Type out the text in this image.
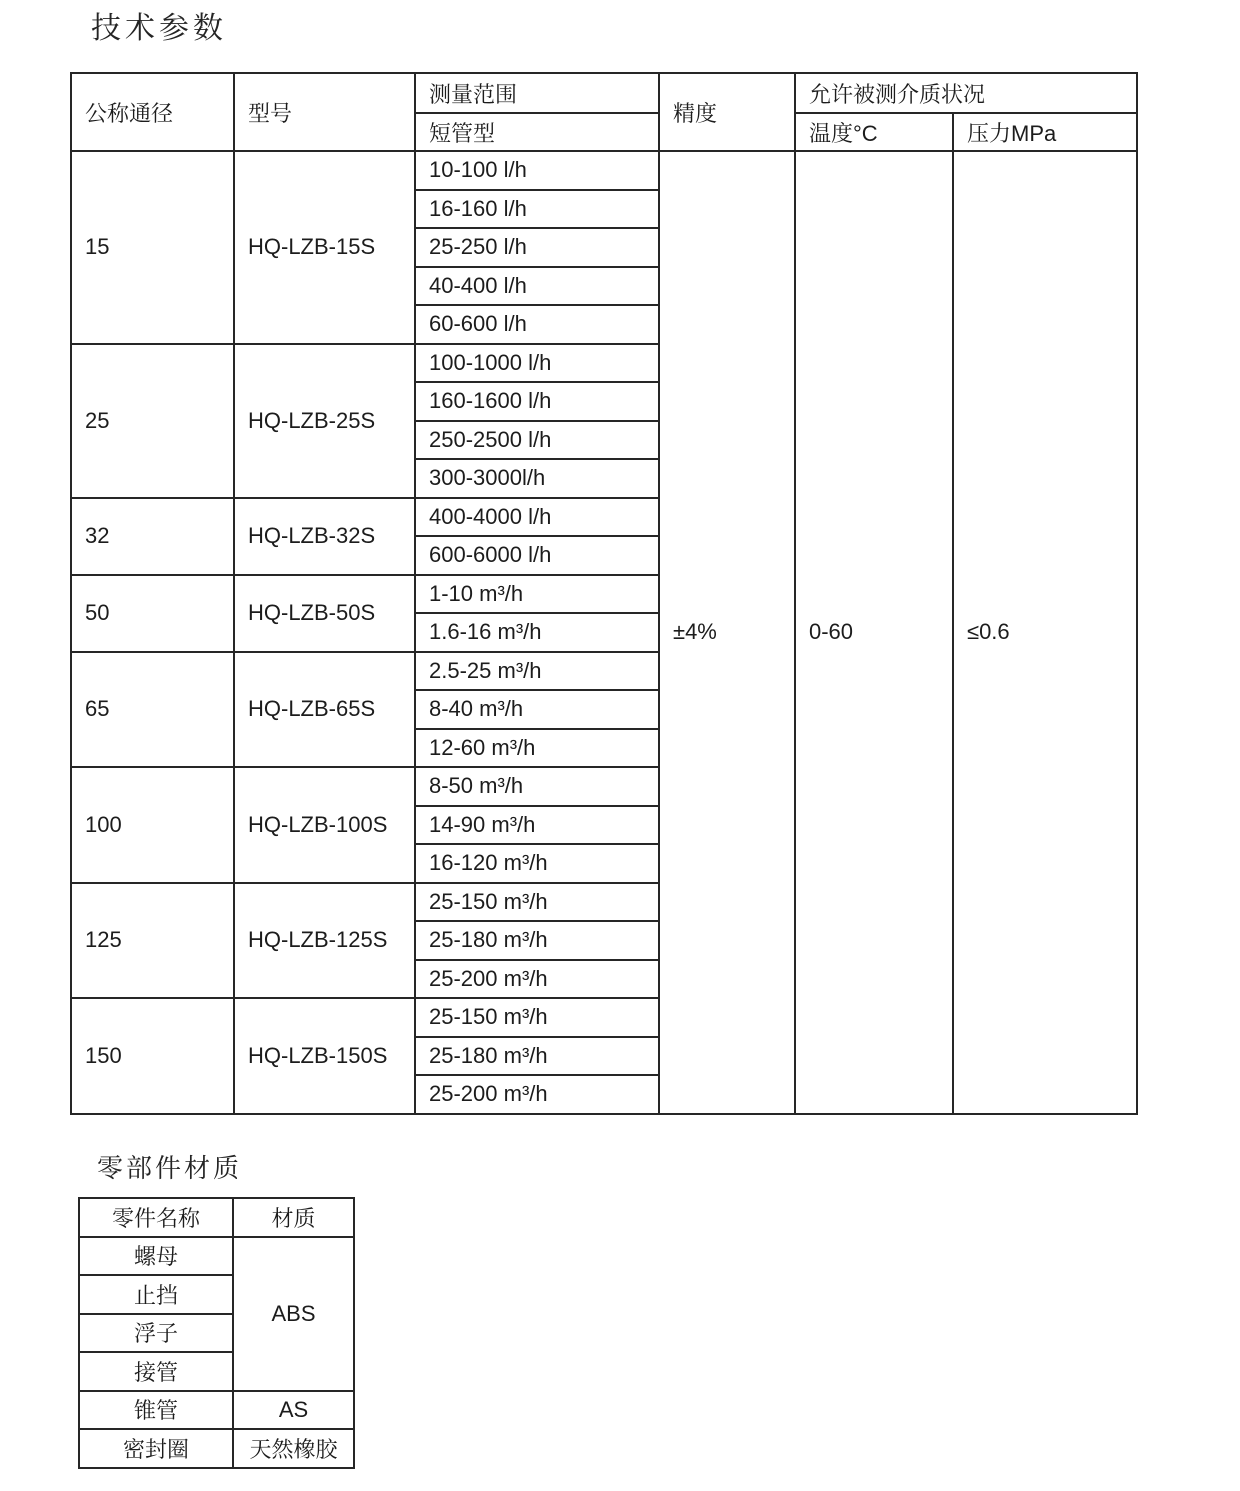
技术参数
公称通径	型号	测量范围	精度	允许被测介质状况	
		短管型		温度°C	压力MPa
15	HQ-LZB-15S	10-100 l/h	±4%	0-60	≤0.6
		16-160 l/h			
		25-250 l/h			
		40-400 l/h			
		60-600 l/h			
25	HQ-LZB-25S	100-1000 l/h			
		160-1600 l/h			
		250-2500 l/h			
		300-3000l/h			
32	HQ-LZB-32S	400-4000 l/h			
		600-6000 l/h			
50	HQ-LZB-50S	1-10 m³/h			
		1.6-16 m³/h			
65	HQ-LZB-65S	2.5-25 m³/h			
		8-40 m³/h			
		12-60 m³/h			
100	HQ-LZB-100S	8-50 m³/h			
		14-90 m³/h			
		16-120 m³/h			
125	HQ-LZB-125S	25-150 m³/h			
		25-180 m³/h			
		25-200 m³/h			
150	HQ-LZB-150S	25-150 m³/h			
		25-180 m³/h			
		25-200 m³/h			
零部件材质
零件名称	材质
螺母	ABS
止挡	
浮子	
接管	
锥管	AS
密封圈	天然橡胶
